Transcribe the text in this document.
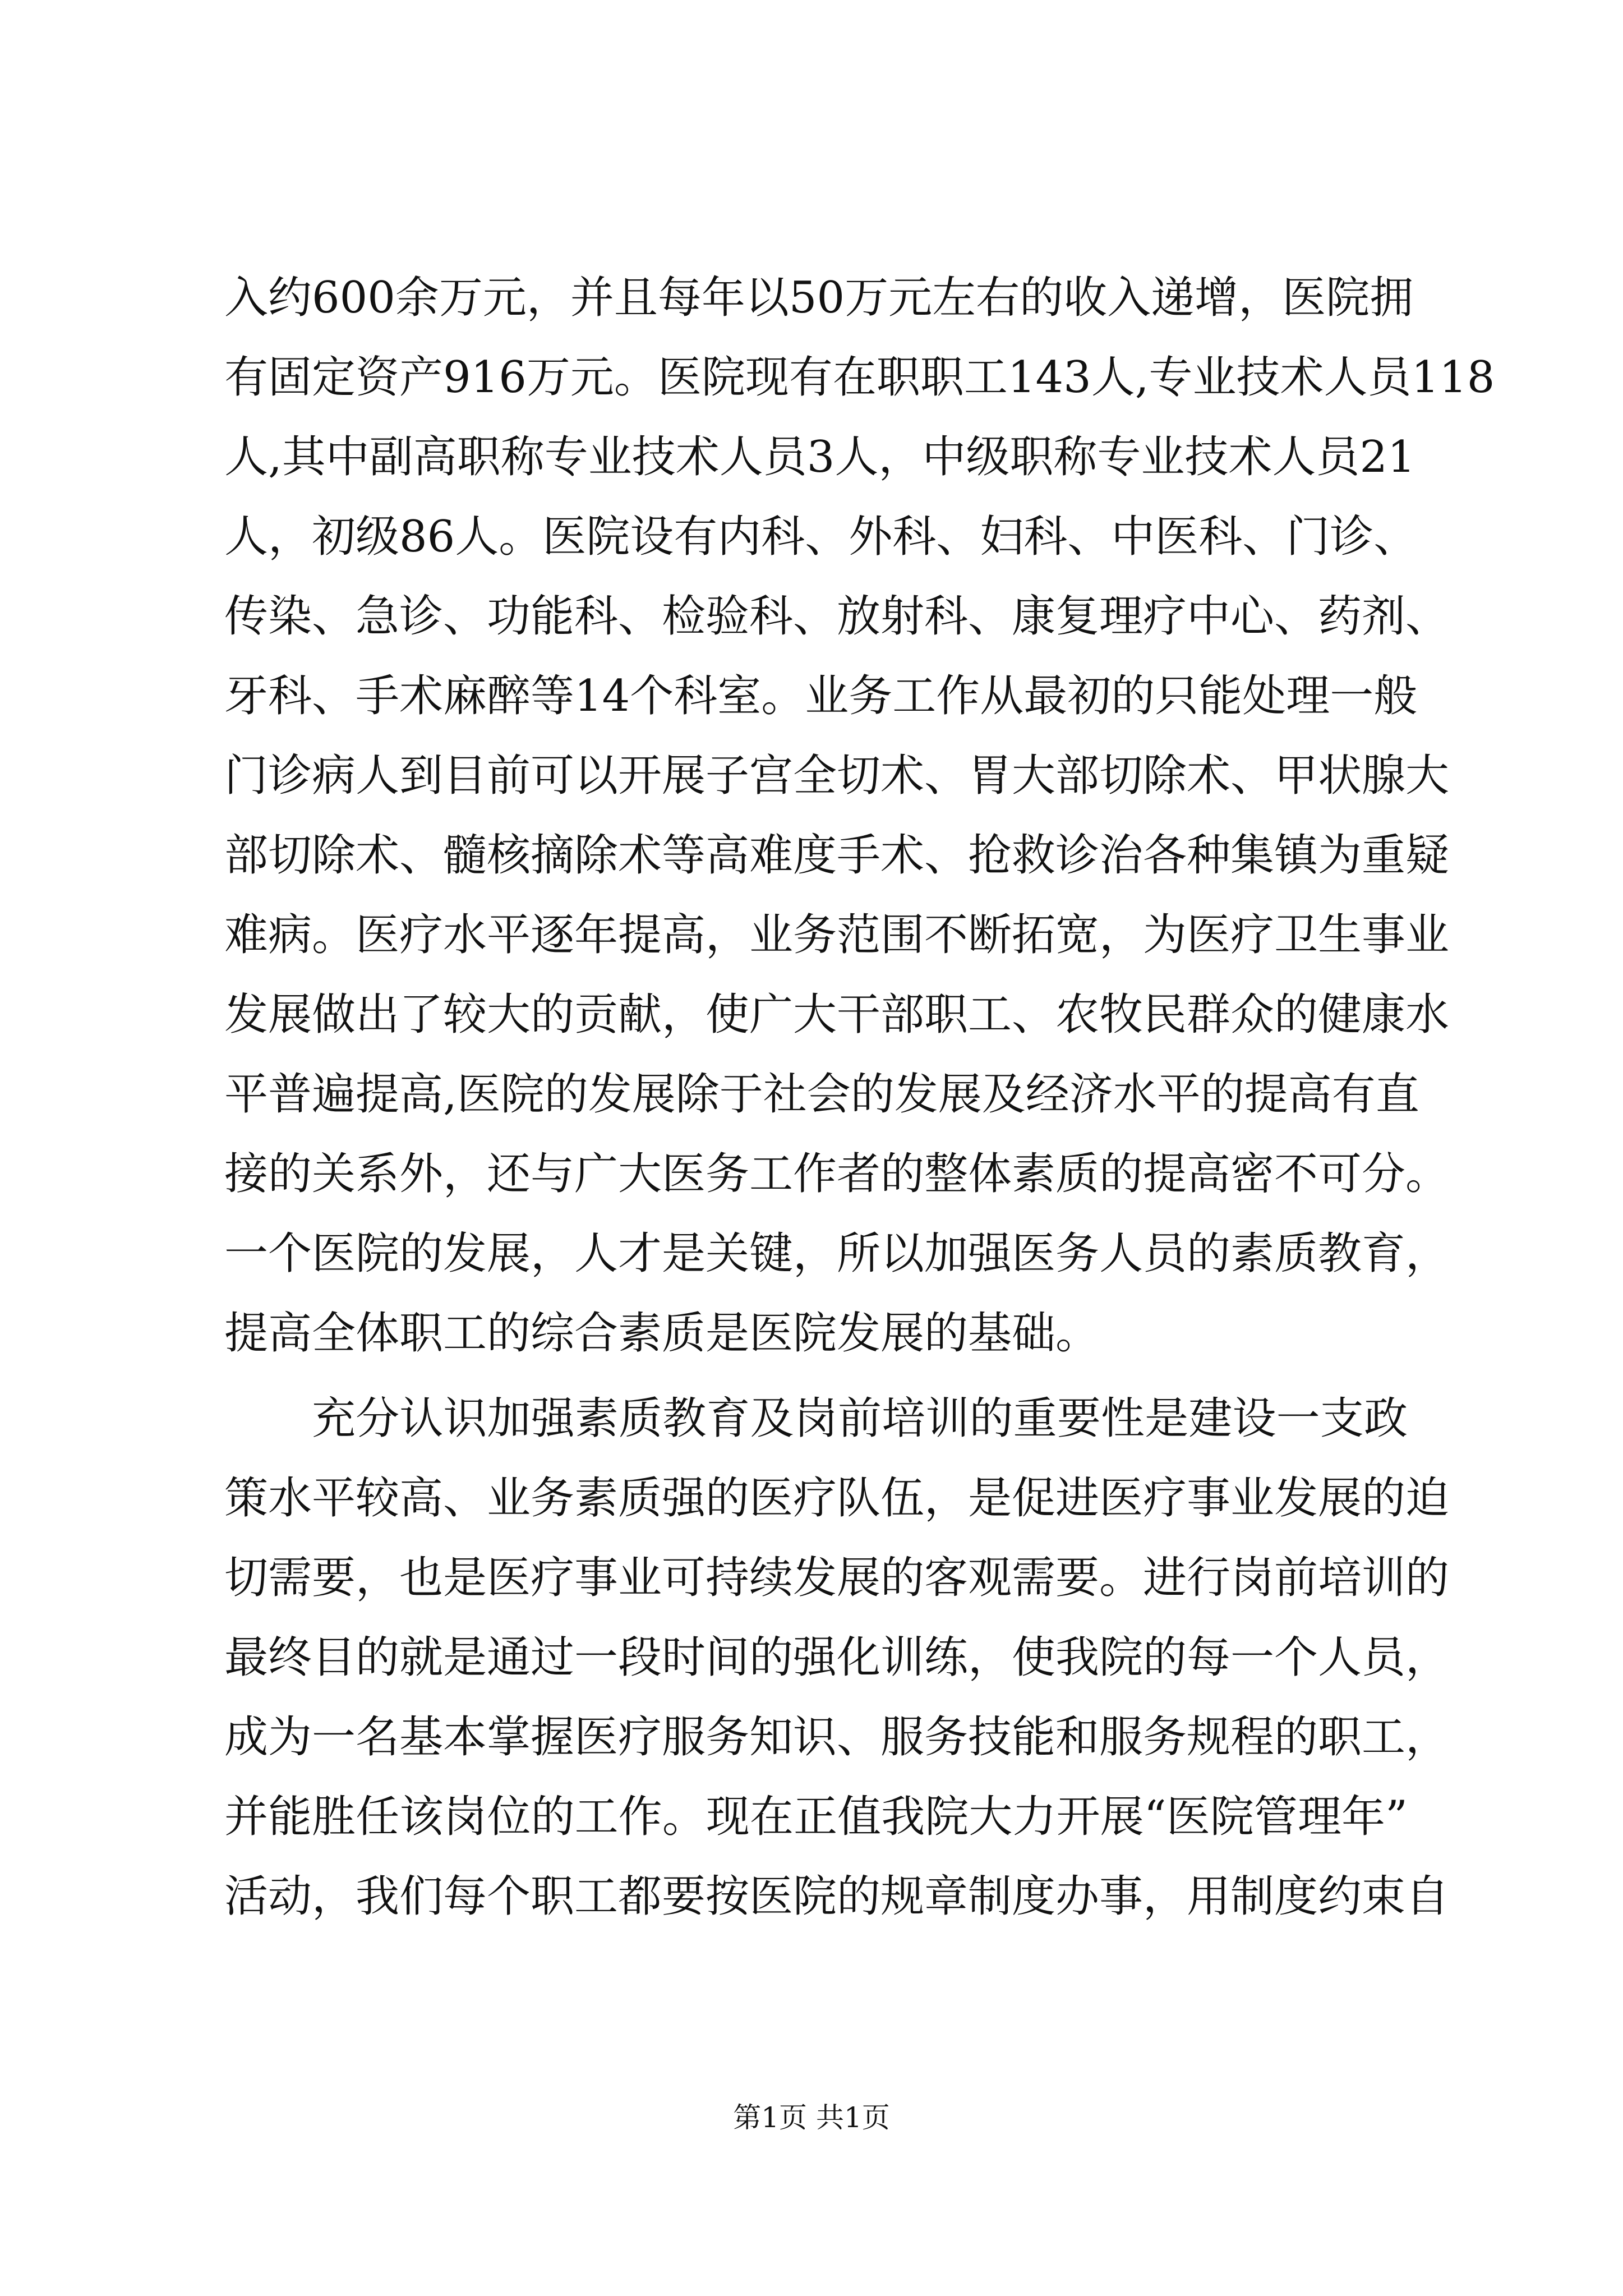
入约600余万元，并且每年以50万元左右的收入递增，医院拥
有固定资产916万元。医院现有在职职工143人,专业技术人员118
人,其中副高职称专业技术人员3人，中级职称专业技术人员21
人，初级86人。医院设有内科、外科、妇科、中医科、门诊、
传染、急诊、功能科、检验科、放射科、康复理疗中心、药剂、
牙科、手术麻醉等14个科室。业务工作从最初的只能处理一般
门诊病人到目前可以开展子宫全切术、胃大部切除术、甲状腺大
部切除术、髓核摘除术等高难度手术、抢救诊治各种集镇为重疑
难病。医疗水平逐年提高，业务范围不断拓宽，为医疗卫生事业
发展做出了较大的贡献，使广大干部职工、农牧民群众的健康水
平普遍提高,医院的发展除于社会的发展及经济水平的提高有直
接的关系外，还与广大医务工作者的整体素质的提高密不可分。
一个医院的发展，人才是关键，所以加强医务人员的素质教育，
提高全体职工的综合素质是医院发展的基础。
充分认识加强素质教育及岗前培训的重要性是建设一支政
策水平较高、业务素质强的医疗队伍，是促进医疗事业发展的迫
切需要，也是医疗事业可持续发展的客观需要。进行岗前培训的
最终目的就是通过一段时间的强化训练，使我院的每一个人员，
成为一名基本掌握医疗服务知识、服务技能和服务规程的职工，
并能胜任该岗位的工作。现在正值我院大力开展“医院管理年”
活动，我们每个职工都要按医院的规章制度办事，用制度约束自
第1页 共1页
